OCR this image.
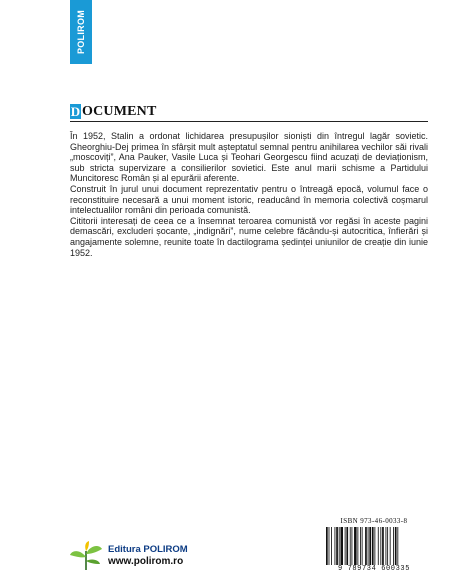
POLIROM
D OCUMENT

În 1952, Stalin a ordonat lichidarea presupușilor sioniști din întregul lagăr sovietic. Gheorghiu-Dej primea în sfârșit mult așteptatul semnal pentru anihilarea vechilor săi rivali „moscoviți”, Ana Pauker, Vasile Luca și Teohari Georgescu fiind acuzați de deviaționism, sub stricta supervizare a consilierilor sovietici. Este anul marii schisme a Partidului Muncitoresc Român și al epurării aferente.

Construit în jurul unui document reprezentativ pentru o întreagă epocă, volumul face o reconstituire necesară a unui moment istoric, readucând în memoria colectivă coșmarul intelectualilor români din perioada comunistă.

Cititorii interesați de ceea ce a însemnat teroarea comunistă vor regăsi în aceste pagini demascări, excluderi șocante, „indignări”, nume celebre făcându-și autocritica, înfierări și angajamente solemne, reunite toate în dactilograma ședinței uniunilor de creație din iunie 1952.

ISBN 973-46-0033-8
9 789734 600335
Editura POLIROM
www.polirom.ro
